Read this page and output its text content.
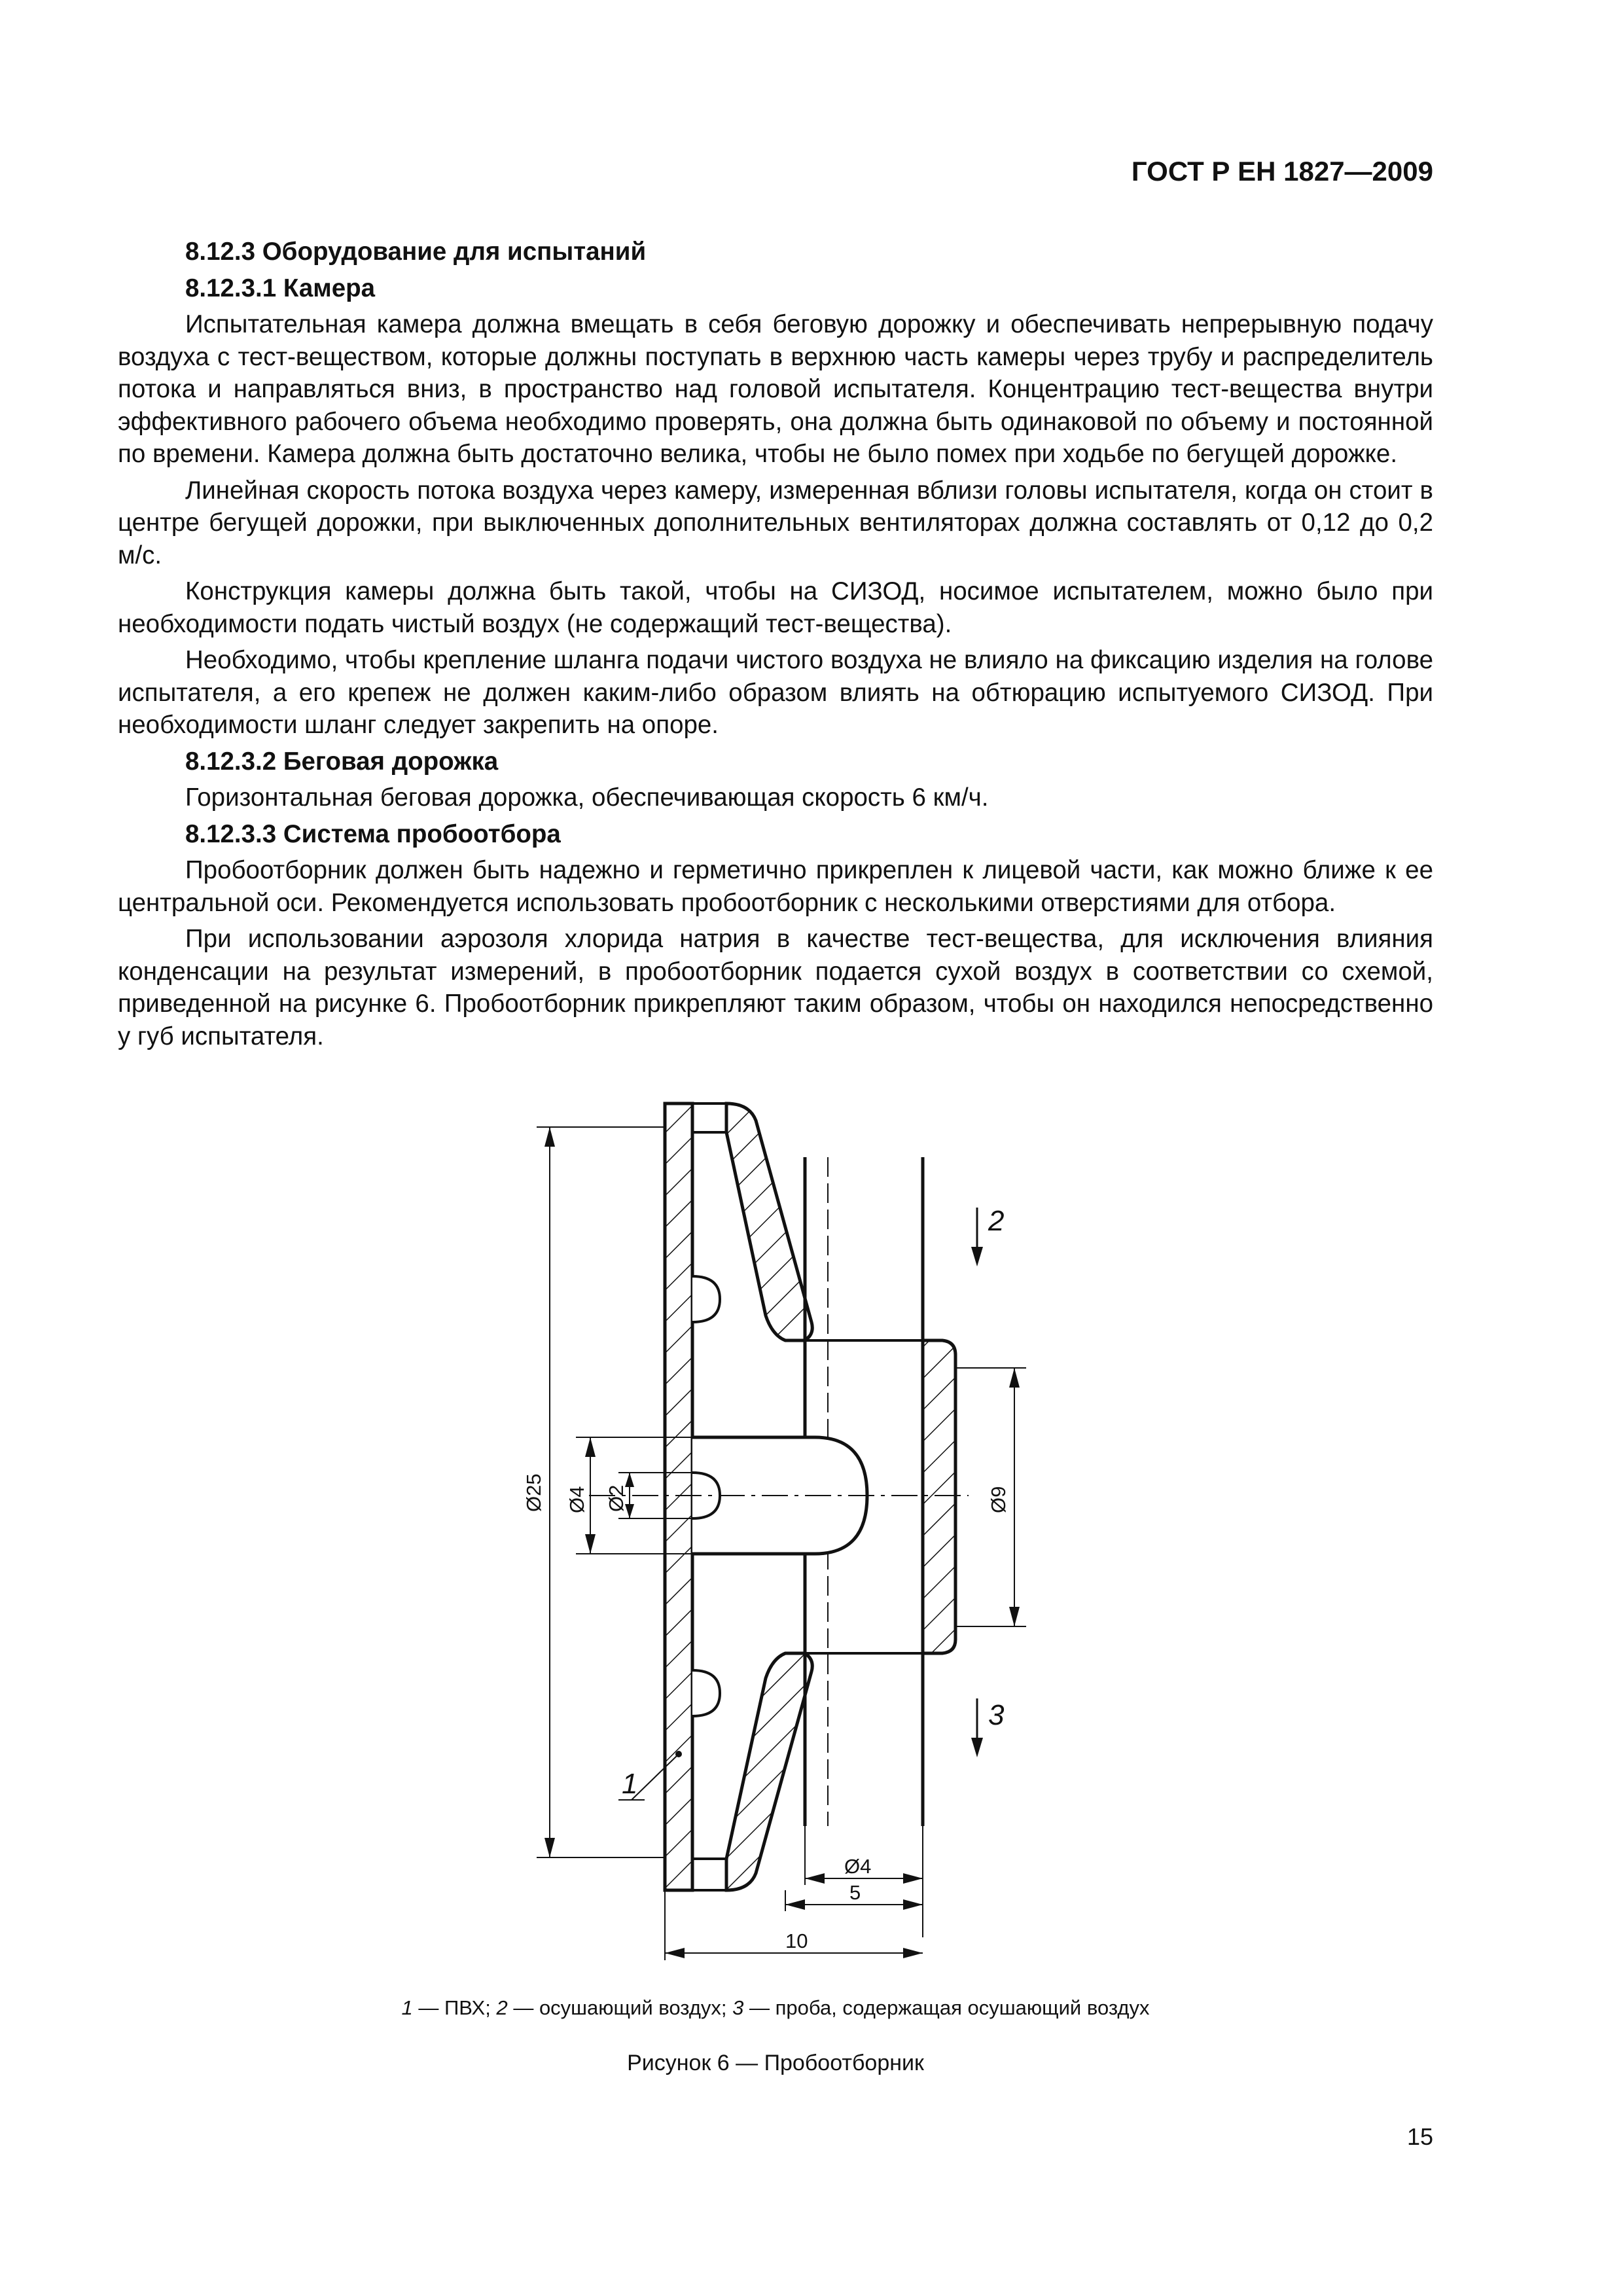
ГОСТ Р ЕН 1827—2009

8.12.3 Оборудование для испытаний

8.12.3.1 Камера

Испытательная камера должна вмещать в себя беговую дорожку и обеспечивать непрерывную подачу воздуха с тест-веществом, которые должны поступать в верхнюю часть камеры через трубу и распределитель потока и направляться вниз, в пространство над головой испытателя. Концентрацию тест-вещества внутри эффективного рабочего объема необходимо проверять, она должна быть одинаковой по объему и постоянной по времени. Камера должна быть достаточно велика, чтобы не было помех при ходьбе по бегущей дорожке.

Линейная скорость потока воздуха через камеру, измеренная вблизи головы испытателя, когда он стоит в центре бегущей дорожки, при выключенных дополнительных вентиляторах должна составлять от 0,12 до 0,2 м/с.

Конструкция камеры должна быть такой, чтобы на СИЗОД, носимое испытателем, можно было при необходимости подать чистый воздух (не содержащий тест-вещества).

Необходимо, чтобы крепление шланга подачи чистого воздуха не влияло на фиксацию изделия на голове испытателя, а его крепеж не должен каким-либо образом влиять на обтюрацию испытуемого СИЗОД. При необходимости шланг следует закрепить на опоре.

8.12.3.2 Беговая дорожка

Горизонтальная беговая дорожка, обеспечивающая скорость 6 км/ч.

8.12.3.3 Система пробоотбора

Пробоотборник должен быть надежно и герметично прикреплен к лицевой части, как можно ближе к ее центральной оси. Рекомендуется использовать пробоотборник с несколькими отверстиями для отбора.

При использовании аэрозоля хлорида натрия в качестве тест-вещества, для исключения влияния конденсации на результат измерений, в пробоотборник подается сухой воздух в соответствии со схемой, приведенной на рисунке 6. Пробоотборник прикрепляют таким образом, чтобы он находился непосредственно у губ испытателя.

Ø25 Ø4 Ø2	Ø9
Ø4
5
10
2
3
1
1 — ПВХ; 2 — осушающий воздух; 3 — проба, содержащая осушающий воздух
Рисунок 6 — Пробоотборник
15
